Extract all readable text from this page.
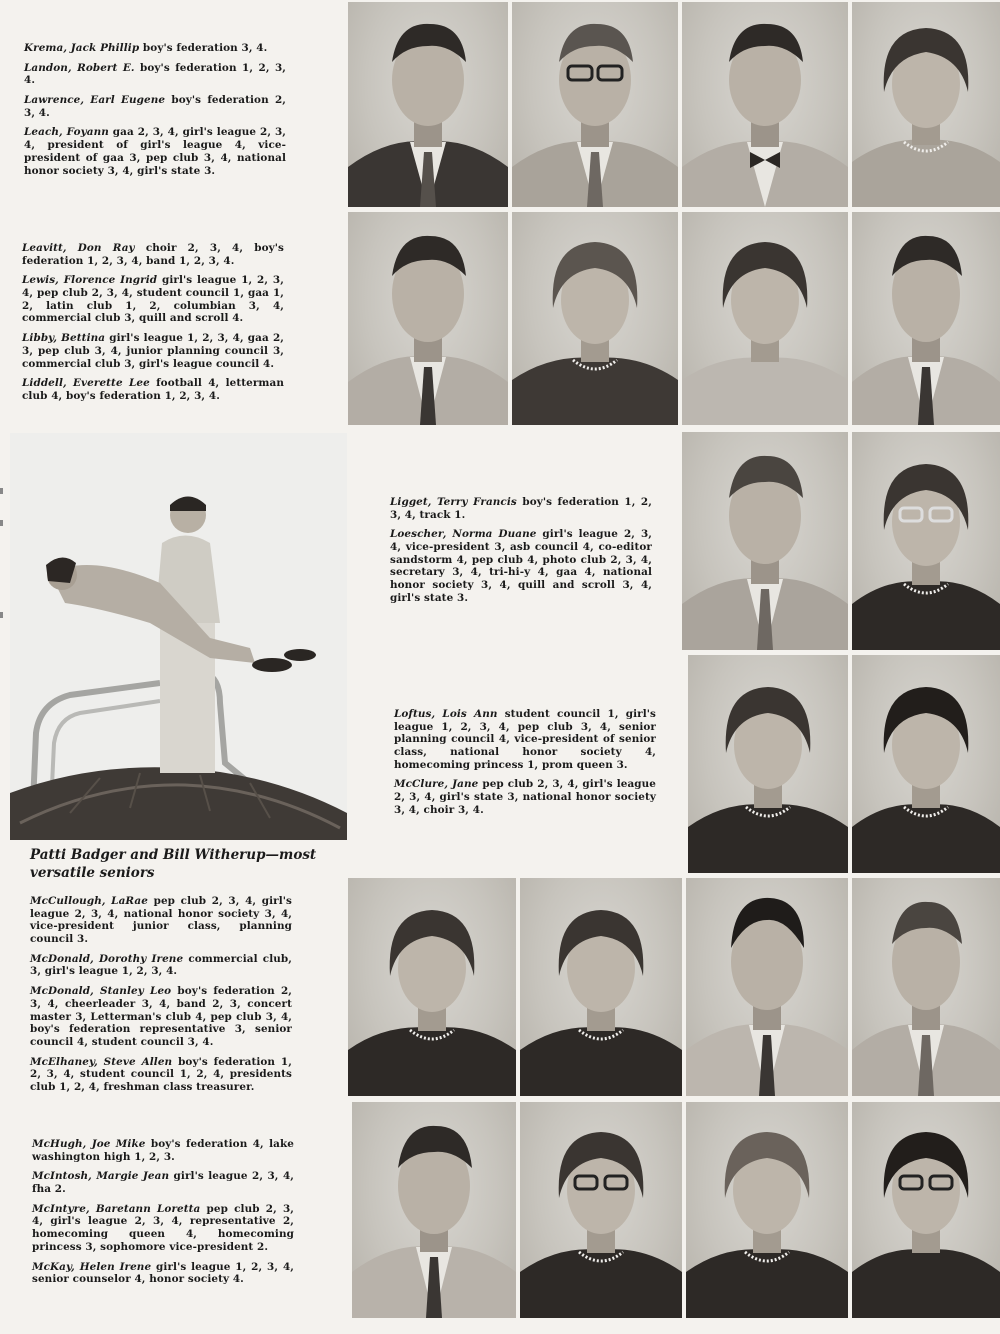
Krema, Jack Phillip boy's federation 3, 4.

Landon, Robert E. boy's federation 1, 2, 3, 4.

Lawrence, Earl Eugene boy's federation 2, 3, 4.

Leach, Foyann gaa 2, 3, 4, girl's league 2, 3, 4, president of girl's league 4, vice-president of gaa 3, pep club 3, 4, national honor society 3, 4, girl's state 3.

Leavitt, Don Ray choir 2, 3, 4, boy's federation 1, 2, 3, 4, band 1, 2, 3, 4.

Lewis, Florence Ingrid girl's league 1, 2, 3, 4, pep club 2, 3, 4, student council 1, gaa 1, 2, latin club 1, 2, columbian 3, 4, commercial club 3, quill and scroll 4.

Libby, Bettina girl's league 1, 2, 3, 4, gaa 2, 3, pep club 3, 4, junior planning council 3, commercial club 3, girl's league council 4.

Liddell, Everette Lee football 4, letterman club 4, boy's federation 1, 2, 3, 4.

Ligget, Terry Francis boy's federation 1, 2, 3, 4, track 1.

Loescher, Norma Duane girl's league 2, 3, 4, vice-president 3, asb council 4, co-editor sandstorm 4, pep club 4, photo club 2, 3, 4, secretary 3, 4, tri-hi-y 4, gaa 4, national honor society 3, 4, quill and scroll 3, 4, girl's state 3.

Loftus, Lois Ann student council 1, girl's league 1, 2, 3, 4, pep club 3, 4, senior planning council 4, vice-president of senior class, national honor society 4, homecoming princess 1, prom queen 3.

McClure, Jane pep club 2, 3, 4, girl's league 2, 3, 4, girl's state 3, national honor society 3, 4, choir 3, 4.

McCullough, LaRae pep club 2, 3, 4, girl's league 2, 3, 4, national honor society 3, 4, vice-president junior class, planning council 3.

McDonald, Dorothy Irene commercial club, 3, girl's league 1, 2, 3, 4.

McDonald, Stanley Leo boy's federation 2, 3, 4, cheerleader 3, 4, band 2, 3, concert master 3, Letterman's club 4, pep club 3, 4, boy's federation representative 3, senior council 4, student council 3, 4.

McElhaney, Steve Allen boy's federation 1, 2, 3, 4, student council 1, 2, 4, presidents club 1, 2, 4, freshman class treasurer.

McHugh, Joe Mike boy's federation 4, lake washington high 1, 2, 3.

McIntosh, Margie Jean girl's league 2, 3, 4, fha 2.

McIntyre, Baretann Loretta pep club 2, 3, 4, girl's league 2, 3, 4, representative 2, homecoming queen 4, homecoming princess 3, sophomore vice-president 2.

McKay, Helen Irene girl's league 1, 2, 3, 4, senior counselor 4, honor society 4.

Patti Badger and Bill Witherup—most versatile seniors
